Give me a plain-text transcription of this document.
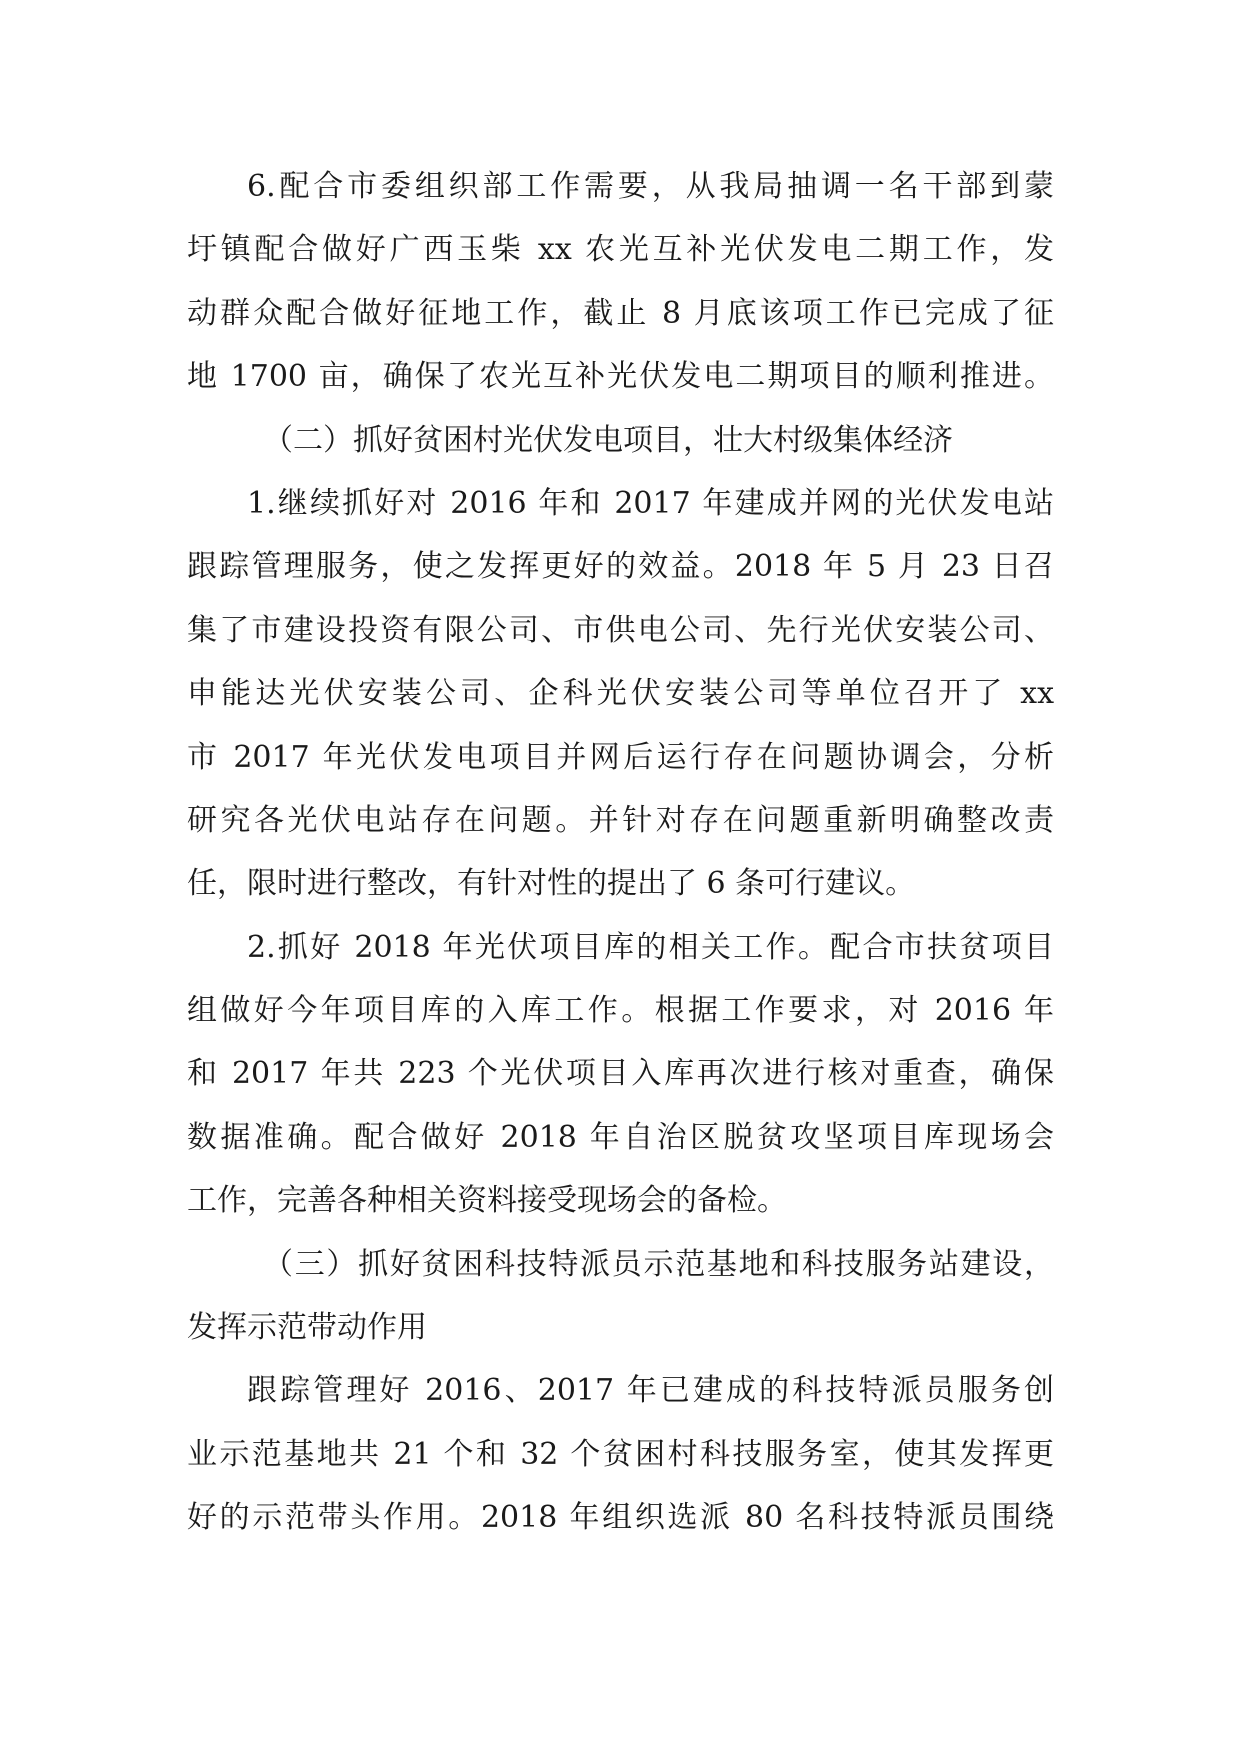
6.配合市委组织部工作需要，从我局抽调一名干部到蒙
圩镇配合做好广西玉柴 xx 农光互补光伏发电二期工作，发
动群众配合做好征地工作，截止 8 月底该项工作已完成了征
地 1700 亩，确保了农光互补光伏发电二期项目的顺利推进。
（二）抓好贫困村光伏发电项目，壮大村级集体经济
1.继续抓好对 2016 年和 2017 年建成并网的光伏发电站
跟踪管理服务，使之发挥更好的效益。2018 年 5 月 23 日召
集了市建设投资有限公司、市供电公司、先行光伏安装公司、
申能达光伏安装公司、企科光伏安装公司等单位召开了 xx
市 2017 年光伏发电项目并网后运行存在问题协调会，分析
研究各光伏电站存在问题。并针对存在问题重新明确整改责
任，限时进行整改，有针对性的提出了 6 条可行建议。
2.抓好 2018 年光伏项目库的相关工作。配合市扶贫项目
组做好今年项目库的入库工作。根据工作要求，对 2016 年
和 2017 年共 223 个光伏项目入库再次进行核对重查，确保
数据准确。配合做好 2018 年自治区脱贫攻坚项目库现场会
工作，完善各种相关资料接受现场会的备检。
（三）抓好贫困科技特派员示范基地和科技服务站建设，
发挥示范带动作用
跟踪管理好 2016、2017 年已建成的科技特派员服务创
业示范基地共 21 个和 32 个贫困村科技服务室，使其发挥更
好的示范带头作用。2018 年组织选派 80 名科技特派员围绕
